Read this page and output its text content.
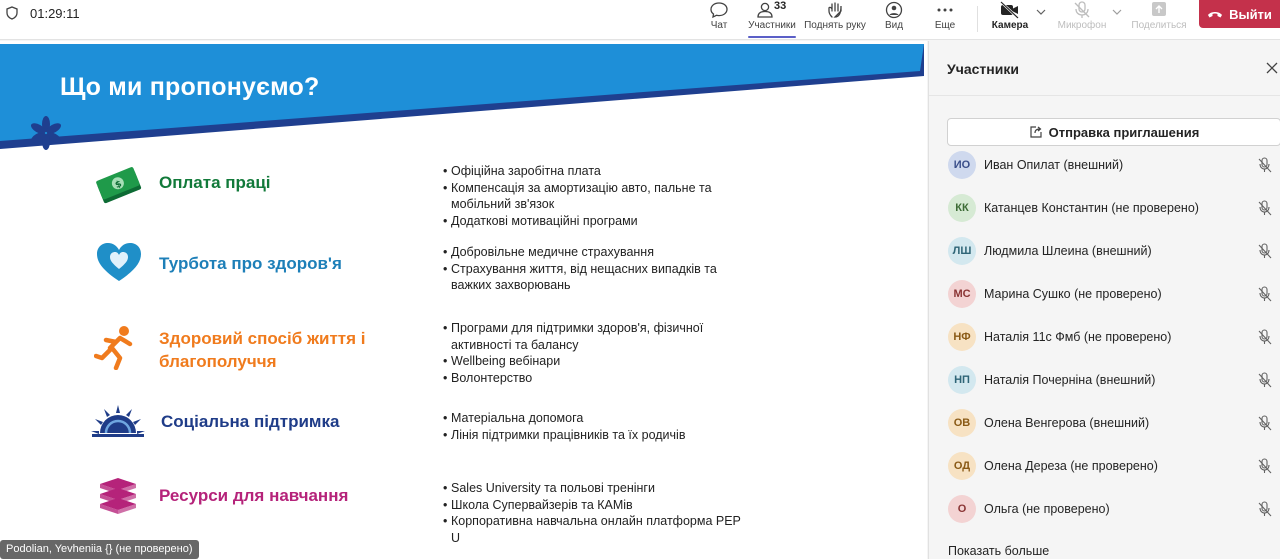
01:29:11
Чат
33
Участники Поднять руку Вид	Еще	Камера	Микрофон	Поделиться
Выйти
Що ми пропонуємо?
$ Оплата праці
• Офіційна заробітна плата
• Компенсація за амортизацію авто, пальне та мобільний зв'язок
• Додаткові мотиваційні програми
Турбота про здоров'я
• Добровільне медичне страхування
• Страхування життя, від нещасних випадків та важких захворювань
Здоровий спосіб життя і
благополуччя
• Програми для підтримки здоров'я, фізичної активності та балансу
• Wellbeing вебінари
• Волонтерство
Соціальна підтримка	• Матеріальна допомога
• Лінія підтримки працівників та їх родичів
Ресурси для навчання	• Sales University та польові тренінги
• Школа Супервайзерів та КАМів
• Корпоративна навчальна онлайн платформа PEP U
Podolian, Yevheniia {} (не проверено)
Участники
Отправка приглашения
ИО	Иван Опилат (внешний)
КК	Катанцев Константин (не проверено)
ЛШ	Людмила Шлеина (внешний)
МС	Марина Сушко (не проверено)
НФ	Наталія 11с Фмб (не проверено)
НП	Наталія Почерніна (внешний)
ОВ	Олена Венгерова (внешний)
ОД	Олена Дереза (не проверено)
О	Ольга (не проверено)
Показать больше
